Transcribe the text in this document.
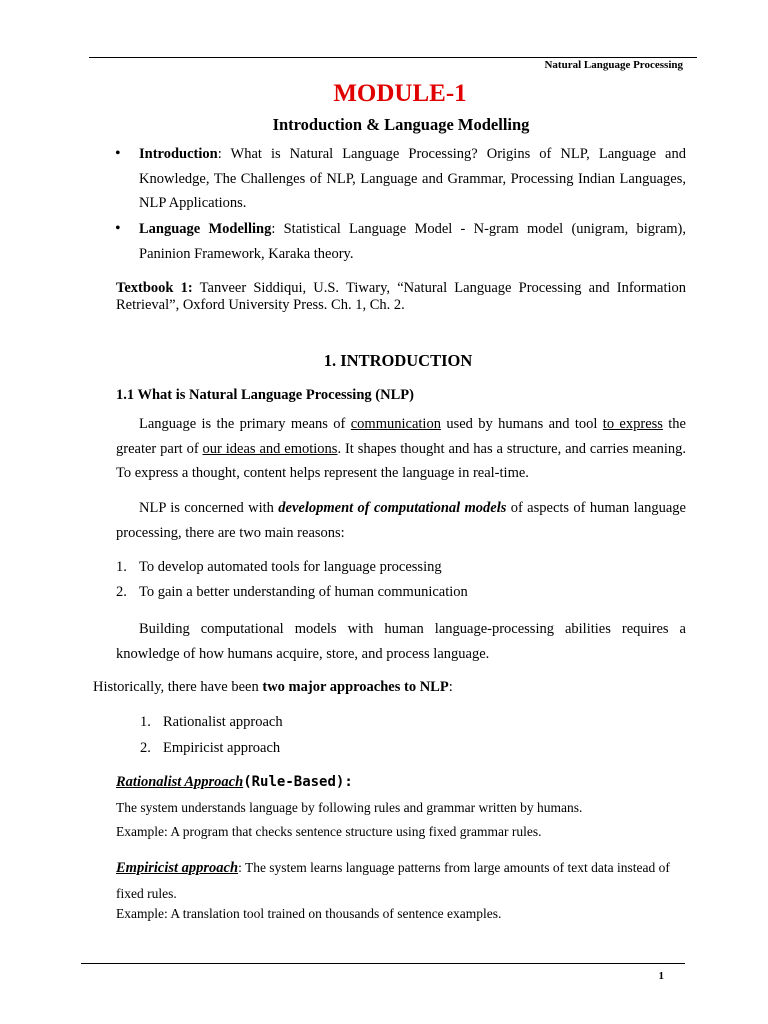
Natural Language Processing
MODULE-1
Introduction & Language Modelling
• Introduction: What is Natural Language Processing? Origins of NLP, Language and Knowledge, The Challenges of NLP, Language and Grammar, Processing Indian Languages, NLP Applications.
• Language Modelling: Statistical Language Model - N-gram model (unigram, bigram), Paninion Framework, Karaka theory.
Textbook 1: Tanveer Siddiqui, U.S. Tiwary, “Natural Language Processing and Information Retrieval”, Oxford University Press. Ch. 1, Ch. 2.
1. INTRODUCTION
1.1 What is Natural Language Processing (NLP)
Language is the primary means of communication used by humans and tool to express the greater part of our ideas and emotions. It shapes thought and has a structure, and carries meaning. To express a thought, content helps represent the language in real-time.
NLP is concerned with development of computational models of aspects of human language processing, there are two main reasons:
1. To develop automated tools for language processing
2. To gain a better understanding of human communication
Building computational models with human language-processing abilities requires a knowledge of how humans acquire, store, and process language.
Historically, there have been two major approaches to NLP:
1. Rationalist approach
2. Empiricist approach
Rationalist Approach(Rule-Based):
The system understands language by following rules and grammar written by humans.
Example: A program that checks sentence structure using fixed grammar rules.
Empiricist approach: The system learns language patterns from large amounts of text data instead of fixed rules.
Example: A translation tool trained on thousands of sentence examples.
1
